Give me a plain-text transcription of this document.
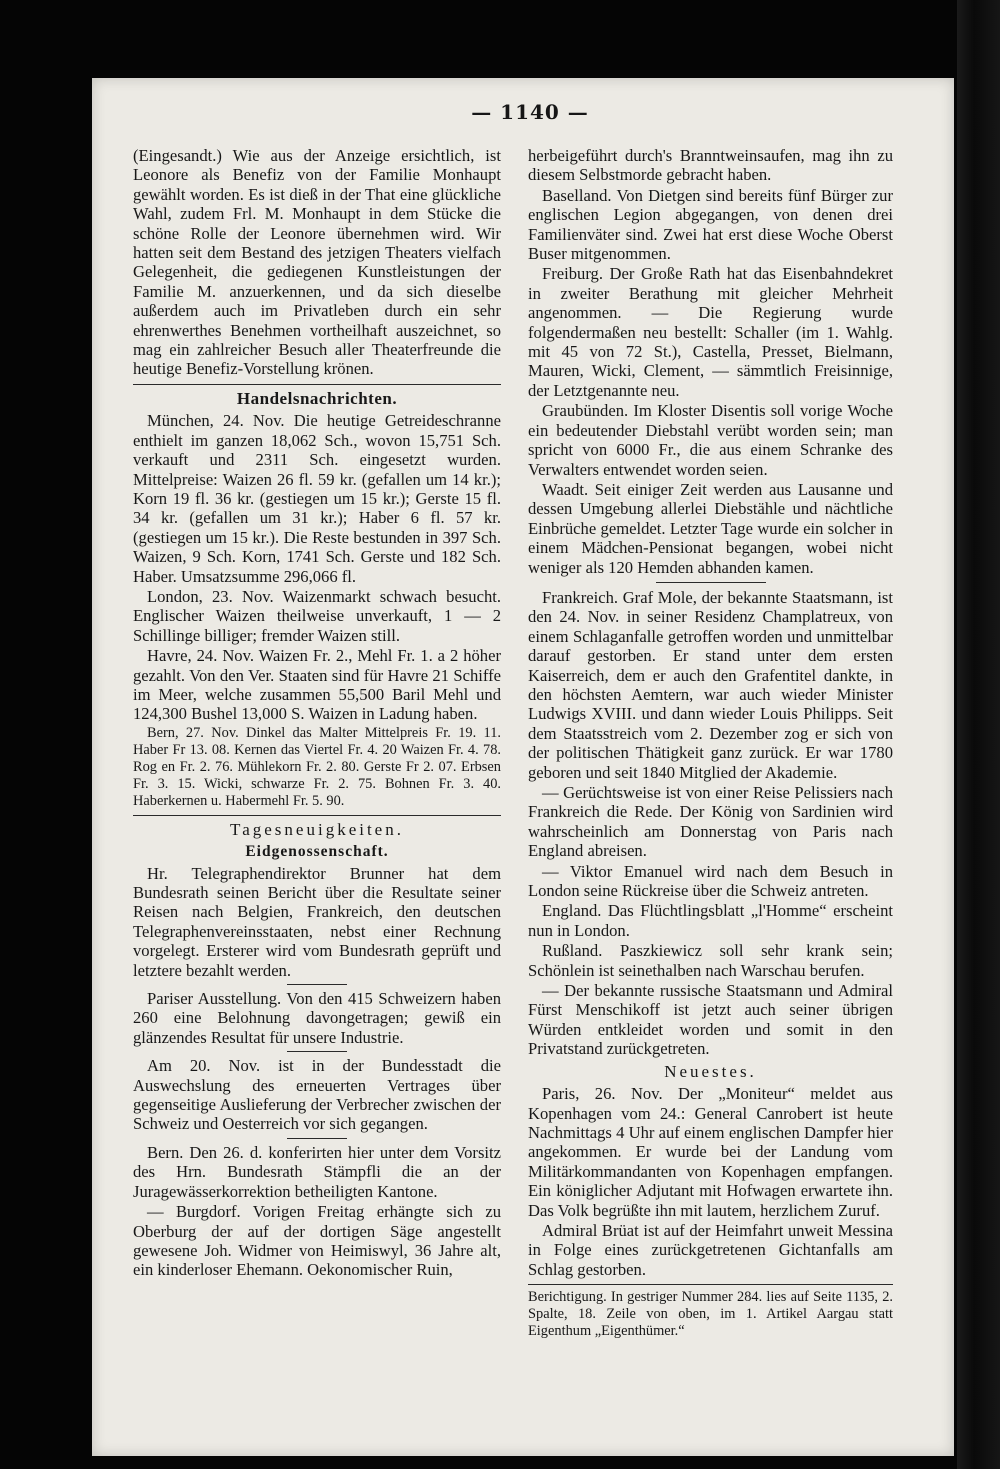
— 1140 —

(Eingesandt.) Wie aus der Anzeige ersichtlich, ist Leonore als Benefiz von der Familie Monhaupt gewählt worden. Es ist dieß in der That eine glückliche Wahl, zudem Frl. M. Monhaupt in dem Stücke die schöne Rolle der Leonore übernehmen wird. Wir hatten seit dem Bestand des jetzigen Theaters vielfach Gelegenheit, die gediegenen Kunstleistungen der Familie M. anzuerkennen, und da sich dieselbe außerdem auch im Privatleben durch ein sehr ehrenwerthes Benehmen vortheilhaft auszeichnet, so mag ein zahlreicher Besuch aller Theaterfreunde die heutige Benefiz-Vorstellung krönen.

Handelsnachrichten.

München, 24. Nov. Die heutige Getreideschranne enthielt im ganzen 18,062 Sch., wovon 15,751 Sch. verkauft und 2311 Sch. eingesetzt wurden. Mittelpreise: Waizen 26 fl. 59 kr. (gefallen um 14 kr.); Korn 19 fl. 36 kr. (gestiegen um 15 kr.); Gerste 15 fl. 34 kr. (gefallen um 31 kr.); Haber 6 fl. 57 kr. (gestiegen um 15 kr.). Die Reste bestunden in 397 Sch. Waizen, 9 Sch. Korn, 1741 Sch. Gerste und 182 Sch. Haber. Umsatzsumme 296,066 fl.

London, 23. Nov. Waizenmarkt schwach besucht. Englischer Waizen theilweise unverkauft, 1 — 2 Schillinge billiger; fremder Waizen still.

Havre, 24. Nov. Waizen Fr. 2., Mehl Fr. 1. a 2 höher gezahlt. Von den Ver. Staaten sind für Havre 21 Schiffe im Meer, welche zusammen 55,500 Baril Mehl und 124,300 Bushel 13,000 S. Waizen in Ladung haben.

Bern, 27. Nov. Dinkel das Malter Mittelpreis Fr. 19. 11. Haber Fr 13. 08. Kernen das Viertel Fr. 4. 20 Waizen Fr. 4. 78. Rog en Fr. 2. 76. Mühlekorn Fr. 2. 80. Gerste Fr 2. 07. Erbsen Fr. 3. 15. Wicki, schwarze Fr. 2. 75. Bohnen Fr. 3. 40. Haberkernen u. Habermehl Fr. 5. 90.

Tagesneuigkeiten.
Eidgenossenschaft.

Hr. Telegraphendirektor Brunner hat dem Bundesrath seinen Bericht über die Resultate seiner Reisen nach Belgien, Frankreich, den deutschen Telegraphenvereinsstaaten, nebst einer Rechnung vorgelegt. Ersterer wird vom Bundesrath geprüft und letztere bezahlt werden.

Pariser Ausstellung. Von den 415 Schweizern haben 260 eine Belohnung davongetragen; gewiß ein glänzendes Resultat für unsere Industrie.

Am 20. Nov. ist in der Bundesstadt die Auswechslung des erneuerten Vertrages über gegenseitige Auslieferung der Verbrecher zwischen der Schweiz und Oesterreich vor sich gegangen.

Bern. Den 26. d. konferirten hier unter dem Vorsitz des Hrn. Bundesrath Stämpfli die an der Juragewässerkorrektion betheiligten Kantone.

— Burgdorf. Vorigen Freitag erhängte sich zu Oberburg der auf der dortigen Säge angestellt gewesene Joh. Widmer von Heimiswyl, 36 Jahre alt, ein kinderloser Ehemann. Oekonomischer Ruin,

herbeigeführt durch's Branntweinsaufen, mag ihn zu diesem Selbstmorde gebracht haben.

Baselland. Von Dietgen sind bereits fünf Bürger zur englischen Legion abgegangen, von denen drei Familienväter sind. Zwei hat erst diese Woche Oberst Buser mitgenommen.

Freiburg. Der Große Rath hat das Eisenbahndekret in zweiter Berathung mit gleicher Mehrheit angenommen. — Die Regierung wurde folgendermaßen neu bestellt: Schaller (im 1. Wahlg. mit 45 von 72 St.), Castella, Presset, Bielmann, Mauren, Wicki, Clement, — sämmtlich Freisinnige, der Letztgenannte neu.

Graubünden. Im Kloster Disentis soll vorige Woche ein bedeutender Diebstahl verübt worden sein; man spricht von 6000 Fr., die aus einem Schranke des Verwalters entwendet worden seien.

Waadt. Seit einiger Zeit werden aus Lausanne und dessen Umgebung allerlei Diebstähle und nächtliche Einbrüche gemeldet. Letzter Tage wurde ein solcher in einem Mädchen-Pensionat begangen, wobei nicht weniger als 120 Hemden abhanden kamen.

Frankreich. Graf Mole, der bekannte Staatsmann, ist den 24. Nov. in seiner Residenz Champlatreux, von einem Schlaganfalle getroffen worden und unmittelbar darauf gestorben. Er stand unter dem ersten Kaiserreich, dem er auch den Grafentitel dankte, in den höchsten Aemtern, war auch wieder Minister Ludwigs XVIII. und dann wieder Louis Philipps. Seit dem Staatsstreich vom 2. Dezember zog er sich von der politischen Thätigkeit ganz zurück. Er war 1780 geboren und seit 1840 Mitglied der Akademie.

— Gerüchtsweise ist von einer Reise Pelissiers nach Frankreich die Rede. Der König von Sardinien wird wahrscheinlich am Donnerstag von Paris nach England abreisen.

— Viktor Emanuel wird nach dem Besuch in London seine Rückreise über die Schweiz antreten.

England. Das Flüchtlingsblatt „l'Homme“ erscheint nun in London.

Rußland. Paszkiewicz soll sehr krank sein; Schönlein ist seinethalben nach Warschau berufen.

— Der bekannte russische Staatsmann und Admiral Fürst Menschikoff ist jetzt auch seiner übrigen Würden entkleidet worden und somit in den Privatstand zurückgetreten.

Neuestes.

Paris, 26. Nov. Der „Moniteur“ meldet aus Kopenhagen vom 24.: General Canrobert ist heute Nachmittags 4 Uhr auf einem englischen Dampfer hier angekommen. Er wurde bei der Landung vom Militärkommandanten von Kopenhagen empfangen. Ein königlicher Adjutant mit Hofwagen erwartete ihn. Das Volk begrüßte ihn mit lautem, herzlichem Zuruf.

Admiral Brüat ist auf der Heimfahrt unweit Messina in Folge eines zurückgetretenen Gichtanfalls am Schlag gestorben.

Berichtigung. In gestriger Nummer 284. lies auf Seite 1135, 2. Spalte, 18. Zeile von oben, im 1. Artikel Aargau statt Eigenthum „Eigenthümer.“
